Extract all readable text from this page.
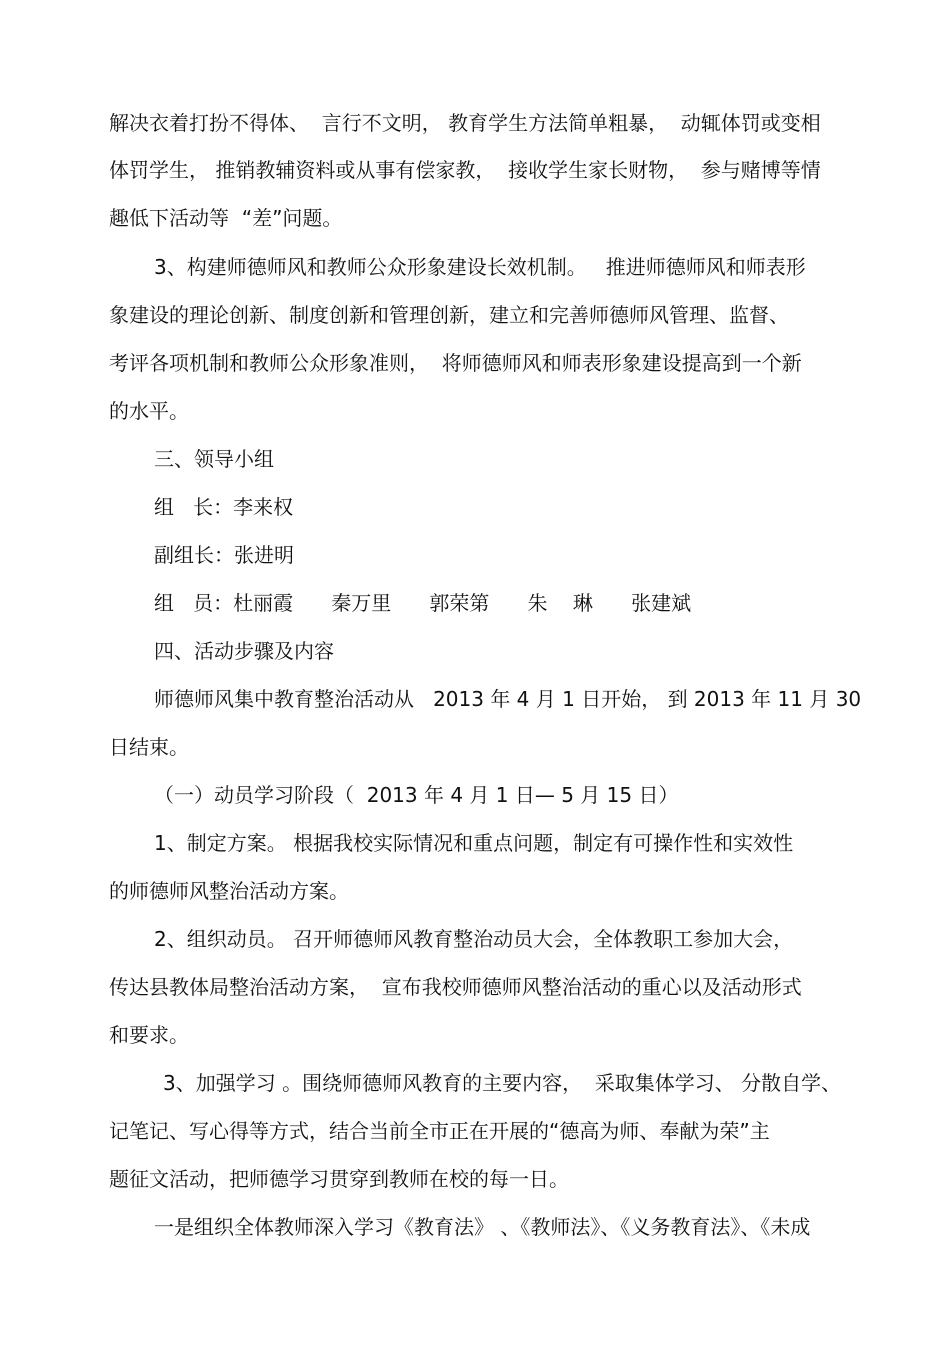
解决衣着打扮不得体、  言行不文明， 教育学生方法简单粗暴，  动辄体罚或变相
体罚学生， 推销教辅资料或从事有偿家教，  接收学生家长财物，  参与赌博等情
趣低下活动等  “差”问题。
3、构建师德师风和教师公众形象建设长效机制。   推进师德师风和师表形
象建设的理论创新、制度创新和管理创新，建立和完善师德师风管理、监督、
考评各项机制和教师公众形象准则，  将师德师风和师表形象建设提高到一个新
的水平。
三、领导小组
组   长：李来权
副组长：张进明
组   员：杜丽霞      秦万里      郭荣第      朱    琳      张建斌
四、活动步骤及内容
师德师风集中教育整治活动从   2013 年 4 月 1 日开始， 到 2013 年 11 月 30
日结束。
（一）动员学习阶段（  2013 年 4 月 1 日— 5 月 15 日）
1、制定方案。 根据我校实际情况和重点问题，制定有可操作性和实效性
的师德师风整治活动方案。
2、组织动员。 召开师德师风教育整治动员大会，全体教职工参加大会，
传达县教体局整治活动方案，  宣布我校师德师风整治活动的重心以及活动形式
和要求。
3、加强学习 。围绕师德师风教育的主要内容，  采取集体学习、 分散自学、
记笔记、写心得等方式，结合当前全市正在开展的“德高为师、奉献为荣”主
题征文活动，把师德学习贯穿到教师在校的每一日。
一是组织全体教师深入学习《教育法》 、《教师法》、《义务教育法》、《未成
